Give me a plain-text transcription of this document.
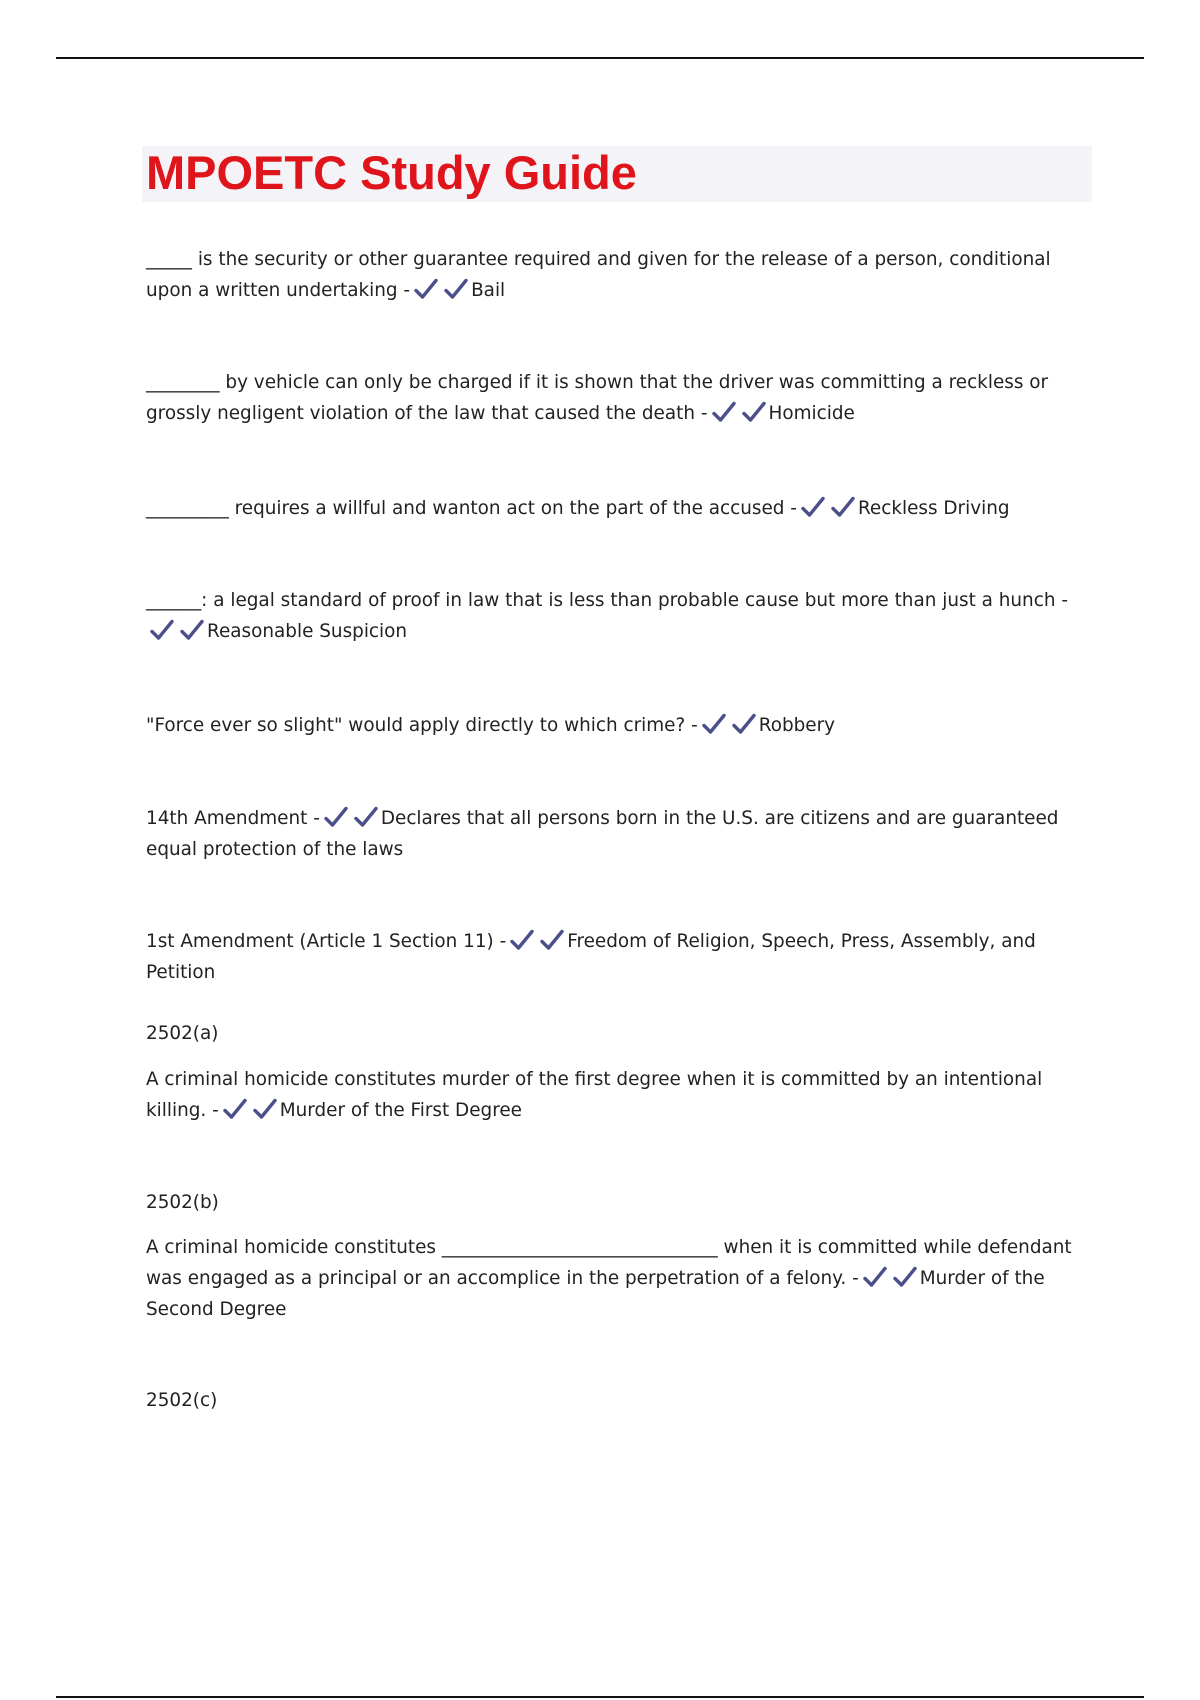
MPOETC Study Guide

_____ is the security or other guarantee required and given for the release of a person, conditional upon a written undertaking -	Bail

________ by vehicle can only be charged if it is shown that the driver was committing a reckless or grossly negligent violation of the law that caused the death -	Homicide

_________ requires a willful and wanton act on the part of the accused -	Reckless Driving

______: a legal standard of proof in law that is less than probable cause but more than just a hunch -
Reasonable Suspicion

"Force ever so slight" would apply directly to which crime? -	Robbery

14th Amendment -	Declares that all persons born in the U.S. are citizens and are guaranteed equal protection of the laws

1st Amendment (Article 1 Section 11) -	Freedom of Religion, Speech, Press, Assembly, and Petition

2502(a)

A criminal homicide constitutes murder of the first degree when it is committed by an intentional killing. -	Murder of the First Degree

2502(b)

A criminal homicide constitutes ______________________________ when it is committed while defendant was engaged as a principal or an accomplice in the perpetration of a felony. -	Murder of the Second Degree

2502(c)
